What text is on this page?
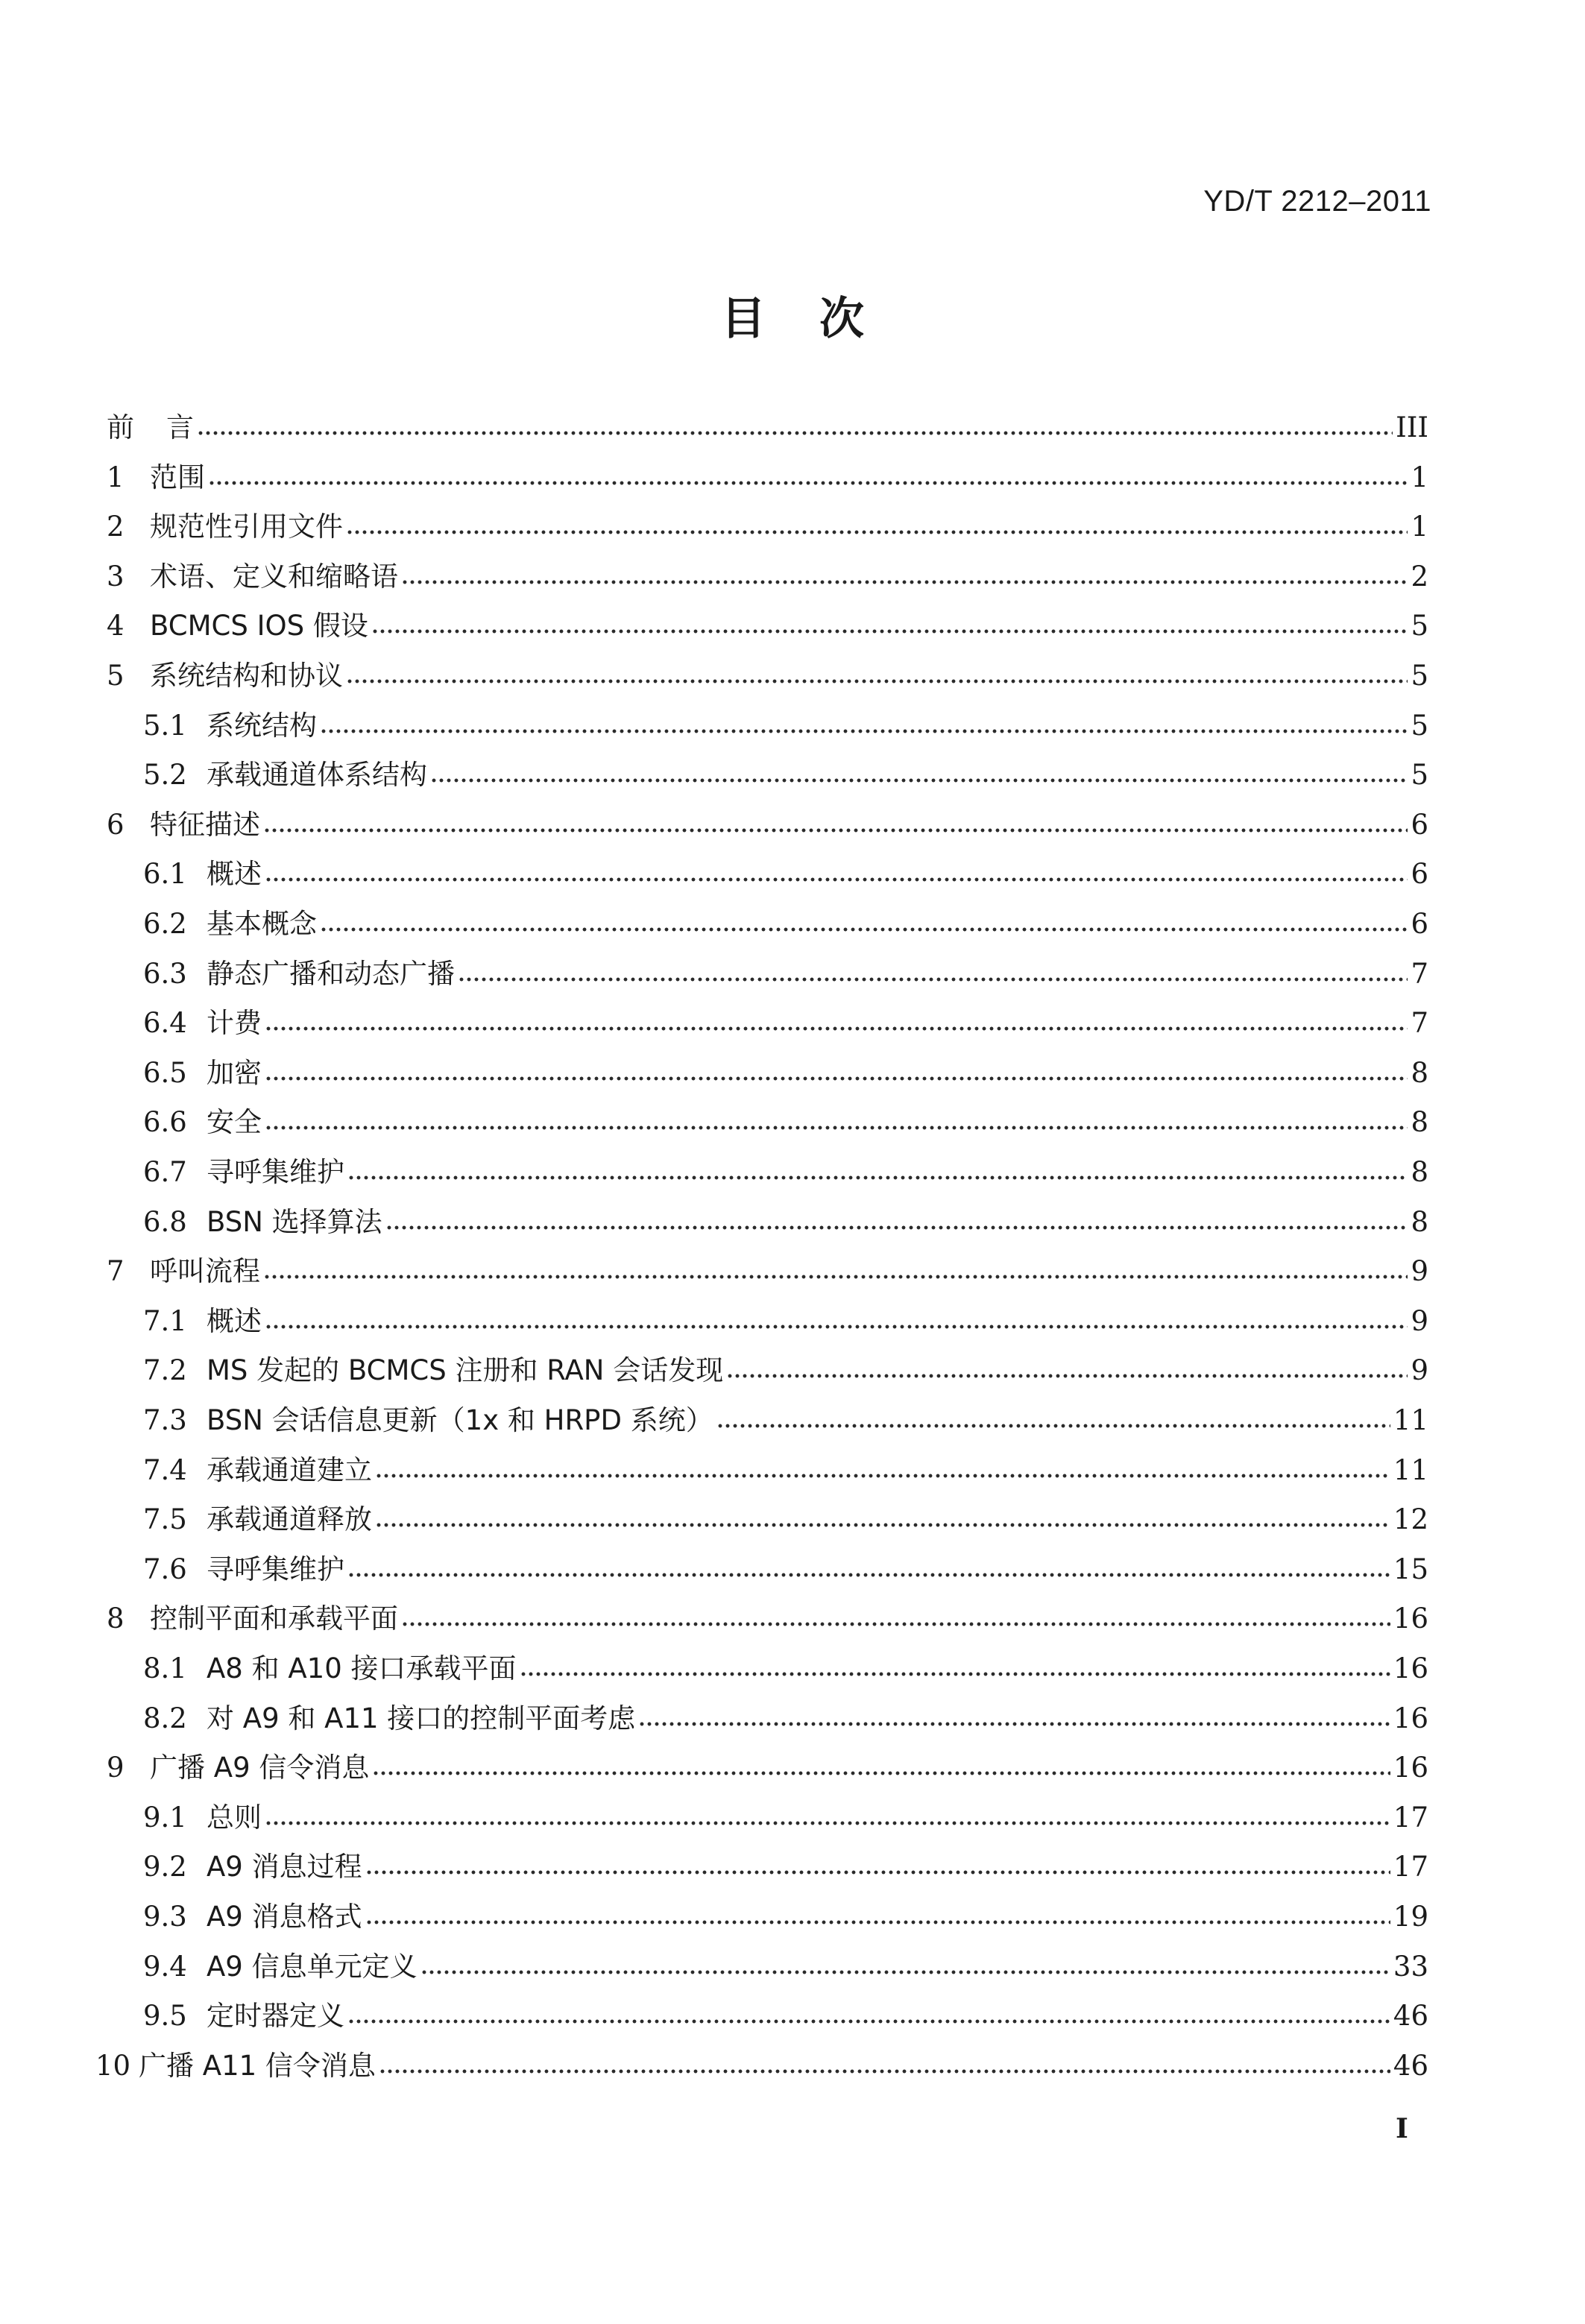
YD/T 2212–2011
目次
前	言	III
1 范围	1
2 规范性引用文件	1
3 术语、定义和缩略语	2
4 BCMCS IOS 假设	5
5 系统结构和协议	5
5.1 系统结构	5
5.2 承载通道体系结构	5
6 特征描述	6
6.1 概述	6
6.2 基本概念	6
6.3 静态广播和动态广播	7
6.4 计费	7
6.5 加密	8
6.6 安全	8
6.7 寻呼集维护	8
6.8 BSN 选择算法	8
7 呼叫流程	9
7.1 概述	9
7.2 MS 发起的 BCMCS 注册和 RAN 会话发现	9
7.3 BSN 会话信息更新（1x 和 HRPD 系统）	11
7.4 承载通道建立	11
7.5 承载通道释放	12
7.6 寻呼集维护	15
8 控制平面和承载平面	16
8.1 A8 和 A10 接口承载平面	16
8.2 对 A9 和 A11 接口的控制平面考虑	16
9 广播 A9 信令消息	16
9.1 总则	17
9.2 A9 消息过程	17
9.3 A9 消息格式	19
9.4 A9 信息单元定义	33
9.5 定时器定义	46
10 广播 A11 信令消息	46
I
